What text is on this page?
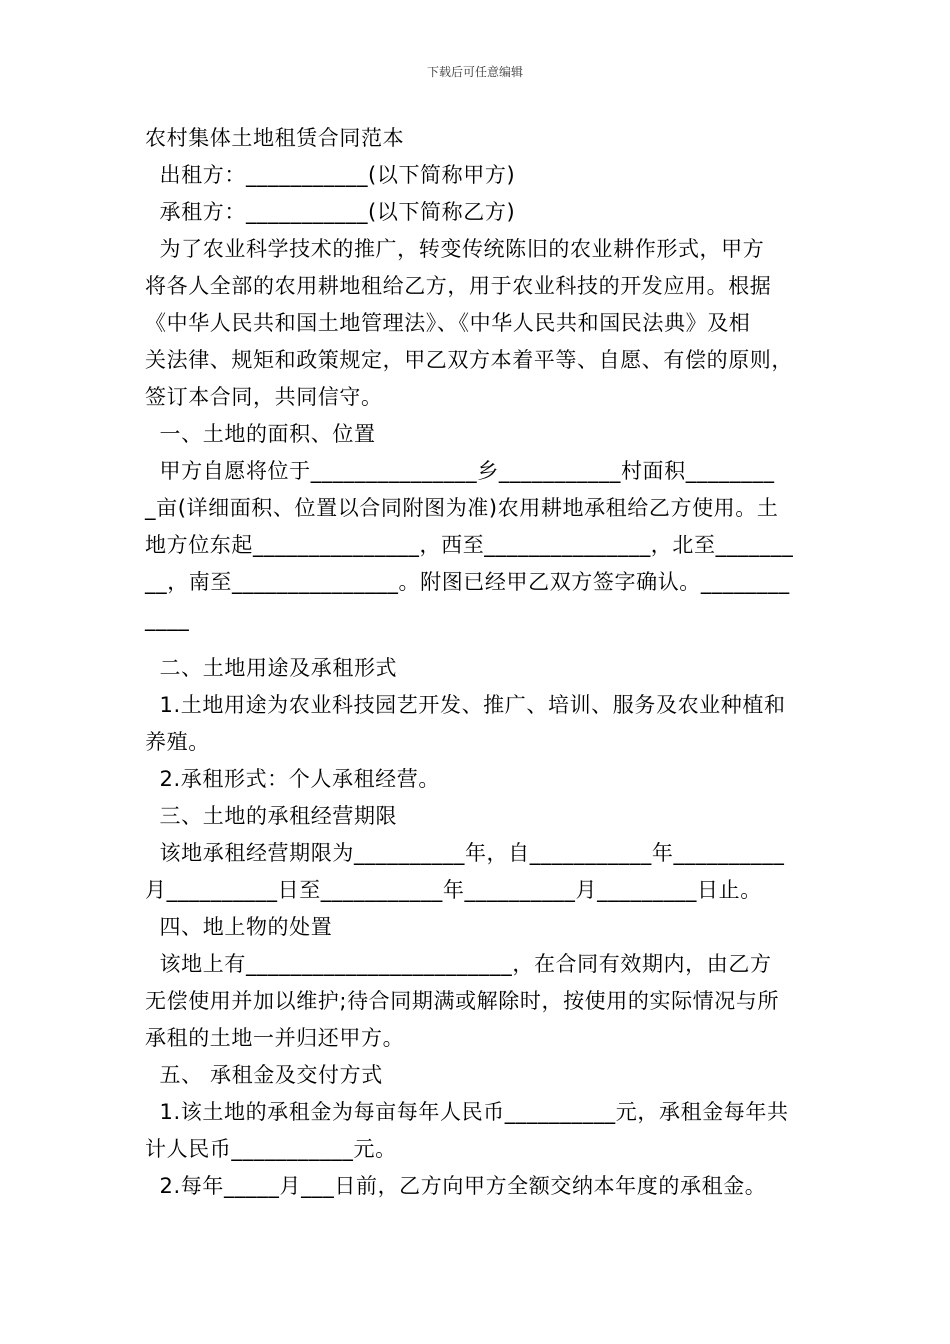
下载后可任意编辑
农村集体土地租赁合同范本
出租方：___________(以下简称甲方)
承租方：___________(以下简称乙方)
为了农业科学技术的推广，转变传统陈旧的农业耕作形式，甲方
将各人全部的农用耕地租给乙方，用于农业科技的开发应用。根据
《中华人民共和国土地管理法》、《中华人民共和国民法典》及相
关法律、规矩和政策规定，甲乙双方本着平等、自愿、有偿的原则，
签订本合同，共同信守。
一、土地的面积、位置
甲方自愿将位于_______________乡___________村面积________
_亩(详细面积、位置以合同附图为准)农用耕地承租给乙方使用。土
地方位东起_______________，西至_______________，北至_______
__，南至_______________。附图已经甲乙双方签字确认。________
____
二、土地用途及承租形式
1.土地用途为农业科技园艺开发、推广、培训、服务及农业种植和
养殖。
2.承租形式：个人承租经营。
三、土地的承租经营期限
该地承租经营期限为__________年，自___________年__________
月__________日至___________年__________月_________日止。
四、地上物的处置
该地上有________________________，在合同有效期内，由乙方
无偿使用并加以维护;待合同期满或解除时，按使用的实际情况与所
承租的土地一并归还甲方。
五、 承租金及交付方式
1.该土地的承租金为每亩每年人民币__________元，承租金每年共
计人民币___________元。
2.每年_____月___日前，乙方向甲方全额交纳本年度的承租金。
